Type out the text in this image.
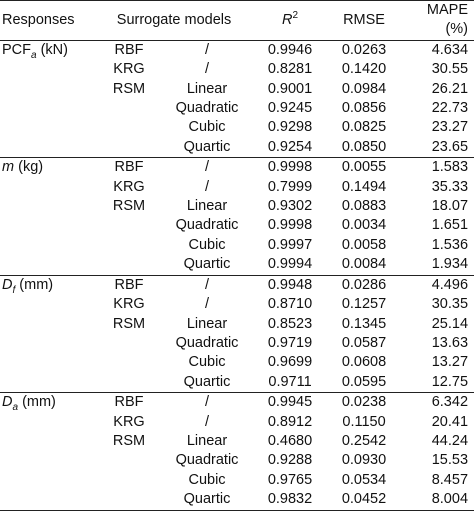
Responses	Surrogate models		$R^2$	RMSE	MAPE (%)
$PCF_a$ (kN)	RBF	/	0.9946	0.0263	4.634
	KRG	/	0.8281	0.1420	30.55
	RSM	Linear	0.9001	0.0984	26.21
		Quadratic	0.9245	0.0856	22.73
		Cubic	0.9298	0.0825	23.27
		Quartic	0.9254	0.0850	23.65
m (kg)	RBF	/	0.9998	0.0055	1.583
	KRG	/	0.7999	0.1494	35.33
	RSM	Linear	0.9302	0.0883	18.07
		Quadratic	0.9998	0.0034	1.651
		Cubic	0.9997	0.0058	1.536
		Quartic	0.9994	0.0084	1.934
$D_f$ (mm)	RBF	/	0.9948	0.0286	4.496
	KRG	/	0.8710	0.1257	30.35
	RSM	Linear	0.8523	0.1345	25.14
		Quadratic	0.9719	0.0587	13.63
		Cubic	0.9699	0.0608	13.27
		Quartic	0.9711	0.0595	12.75
$D_a$ (mm)	RBF	/	0.9945	0.0238	6.342
	KRG	/	0.8912	0.1150	20.41
	RSM	Linear	0.4680	0.2542	44.24
		Quadratic	0.9288	0.0930	15.53
		Cubic	0.9765	0.0534	8.457
		Quartic	0.9832	0.0452	8.004
